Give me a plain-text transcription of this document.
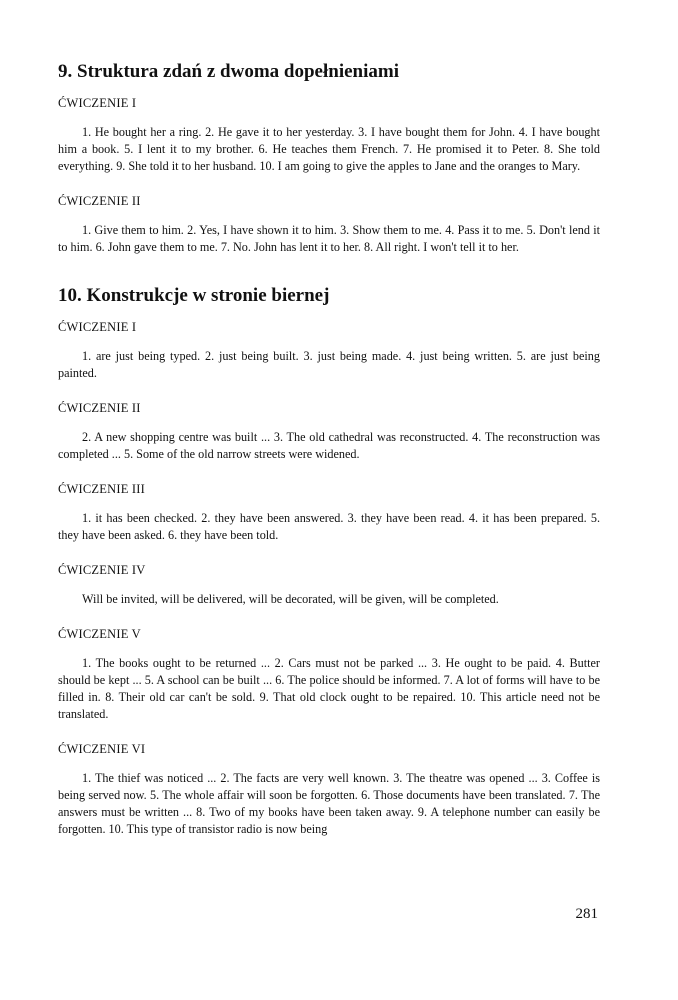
9. Struktura zdań z dwoma dopełnieniami
ĆWICZENIE I

1. He bought her a ring. 2. He gave it to her yesterday. 3. I have bought them for John. 4. I have bought him a book. 5. I lent it to my brother. 6. He teaches them French. 7. He promised it to Peter. 8. She told everything. 9. She told it to her husband. 10. I am going to give the apples to Jane and the oranges to Mary.

ĆWICZENIE II

1. Give them to him. 2. Yes, I have shown it to him. 3. Show them to me. 4. Pass it to me. 5. Don't lend it to him. 6. John gave them to me. 7. No. John has lent it to her. 8. All right. I won't tell it to her.

10. Konstrukcje w stronie biernej
ĆWICZENIE I

1. are just being typed. 2. just being built. 3. just being made. 4. just being written. 5. are just being painted.

ĆWICZENIE II

2. A new shopping centre was built ... 3. The old cathedral was reconstructed. 4. The reconstruction was completed ... 5. Some of the old narrow streets were widened.

ĆWICZENIE III

1. it has been checked. 2. they have been answered. 3. they have been read. 4. it has been prepared. 5. they have been asked. 6. they have been told.

ĆWICZENIE IV

Will be invited, will be delivered, will be decorated, will be given, will be completed.

ĆWICZENIE V

1. The books ought to be returned ... 2. Cars must not be parked ... 3. He ought to be paid. 4. Butter should be kept ... 5. A school can be built ... 6. The police should be informed. 7. A lot of forms will have to be filled in. 8. Their old car can't be sold. 9. That old clock ought to be repaired. 10. This article need not be translated.

ĆWICZENIE VI

1. The thief was noticed ... 2. The facts are very well known. 3. The theatre was opened ... 3. Coffee is being served now. 5. The whole affair will soon be forgotten. 6. Those documents have been translated. 7. The answers must be written ... 8. Two of my books have been taken away. 9. A telephone number can easily be forgotten. 10. This type of transistor radio is now being

281
